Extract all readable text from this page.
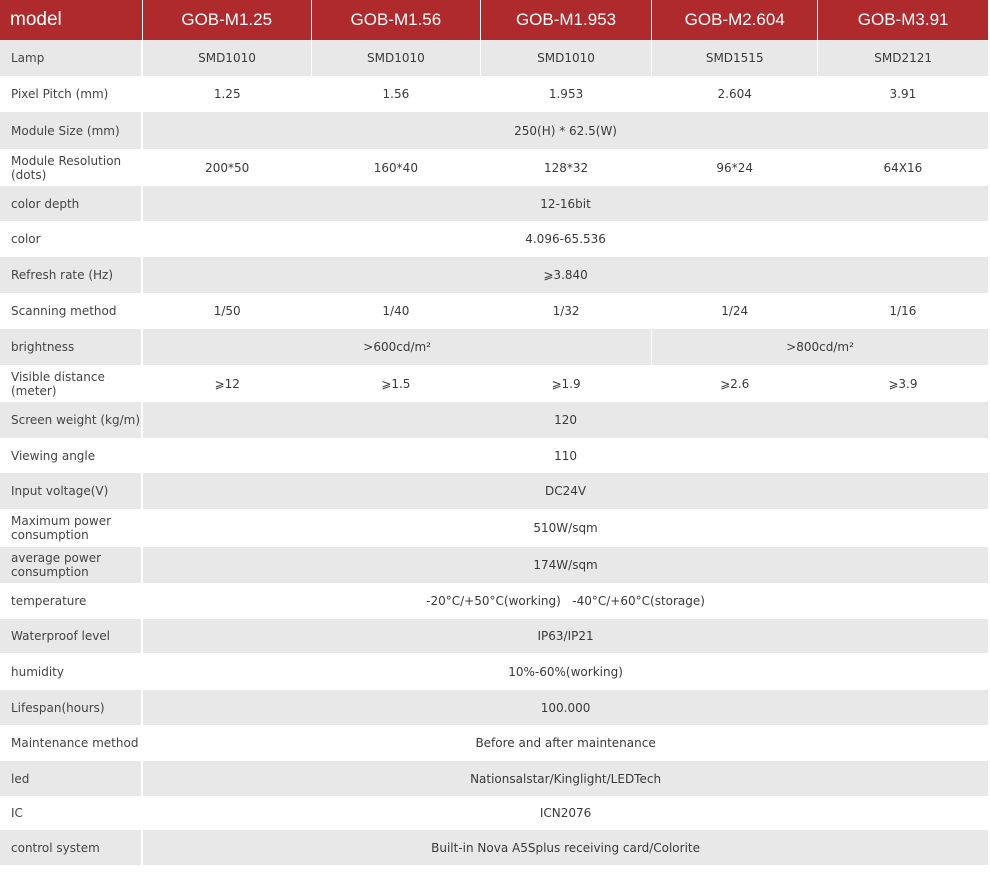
model	GOB-M1.25	GOB-M1.56	GOB-M1.953	GOB-M2.604	GOB-M3.91
Lamp	SMD1010	SMD1010	SMD1010	SMD1515	SMD2121
Pixel Pitch (mm)	1.25	1.56	1.953	2.604	3.91
Module Size (mm)	250(H) * 62.5(W)				
Module Resolution (dots)	200*50	160*40	128*32	96*24	64X16
color depth	12-16bit				
color	4.096-65.536				
Refresh rate (Hz)	⩾3.840				
Scanning method	1/50	1/40	1/32	1/24	1/16
brightness	>600cd/m²			>800cd/m²	
Visible distance (meter)	⩾12	⩾1.5	⩾1.9	⩾2.6	⩾3.9
Screen weight (kg/m)	120				
Viewing angle	110				
Input voltage(V)	DC24V				
Maximum power consumption	510W/sqm				
average power consumption	174W/sqm				
temperature	-20°C/+50°C(working)   -40°C/+60°C(storage)				
Waterproof level	IP63/IP21				
humidity	10%-60%(working)				
Lifespan(hours)	100.000				
Maintenance method	Before and after maintenance				
led	Nationsalstar/Kinglight/LEDTech				
IC	ICN2076				
control system	Built-in Nova A5Splus receiving card/Colorite				
